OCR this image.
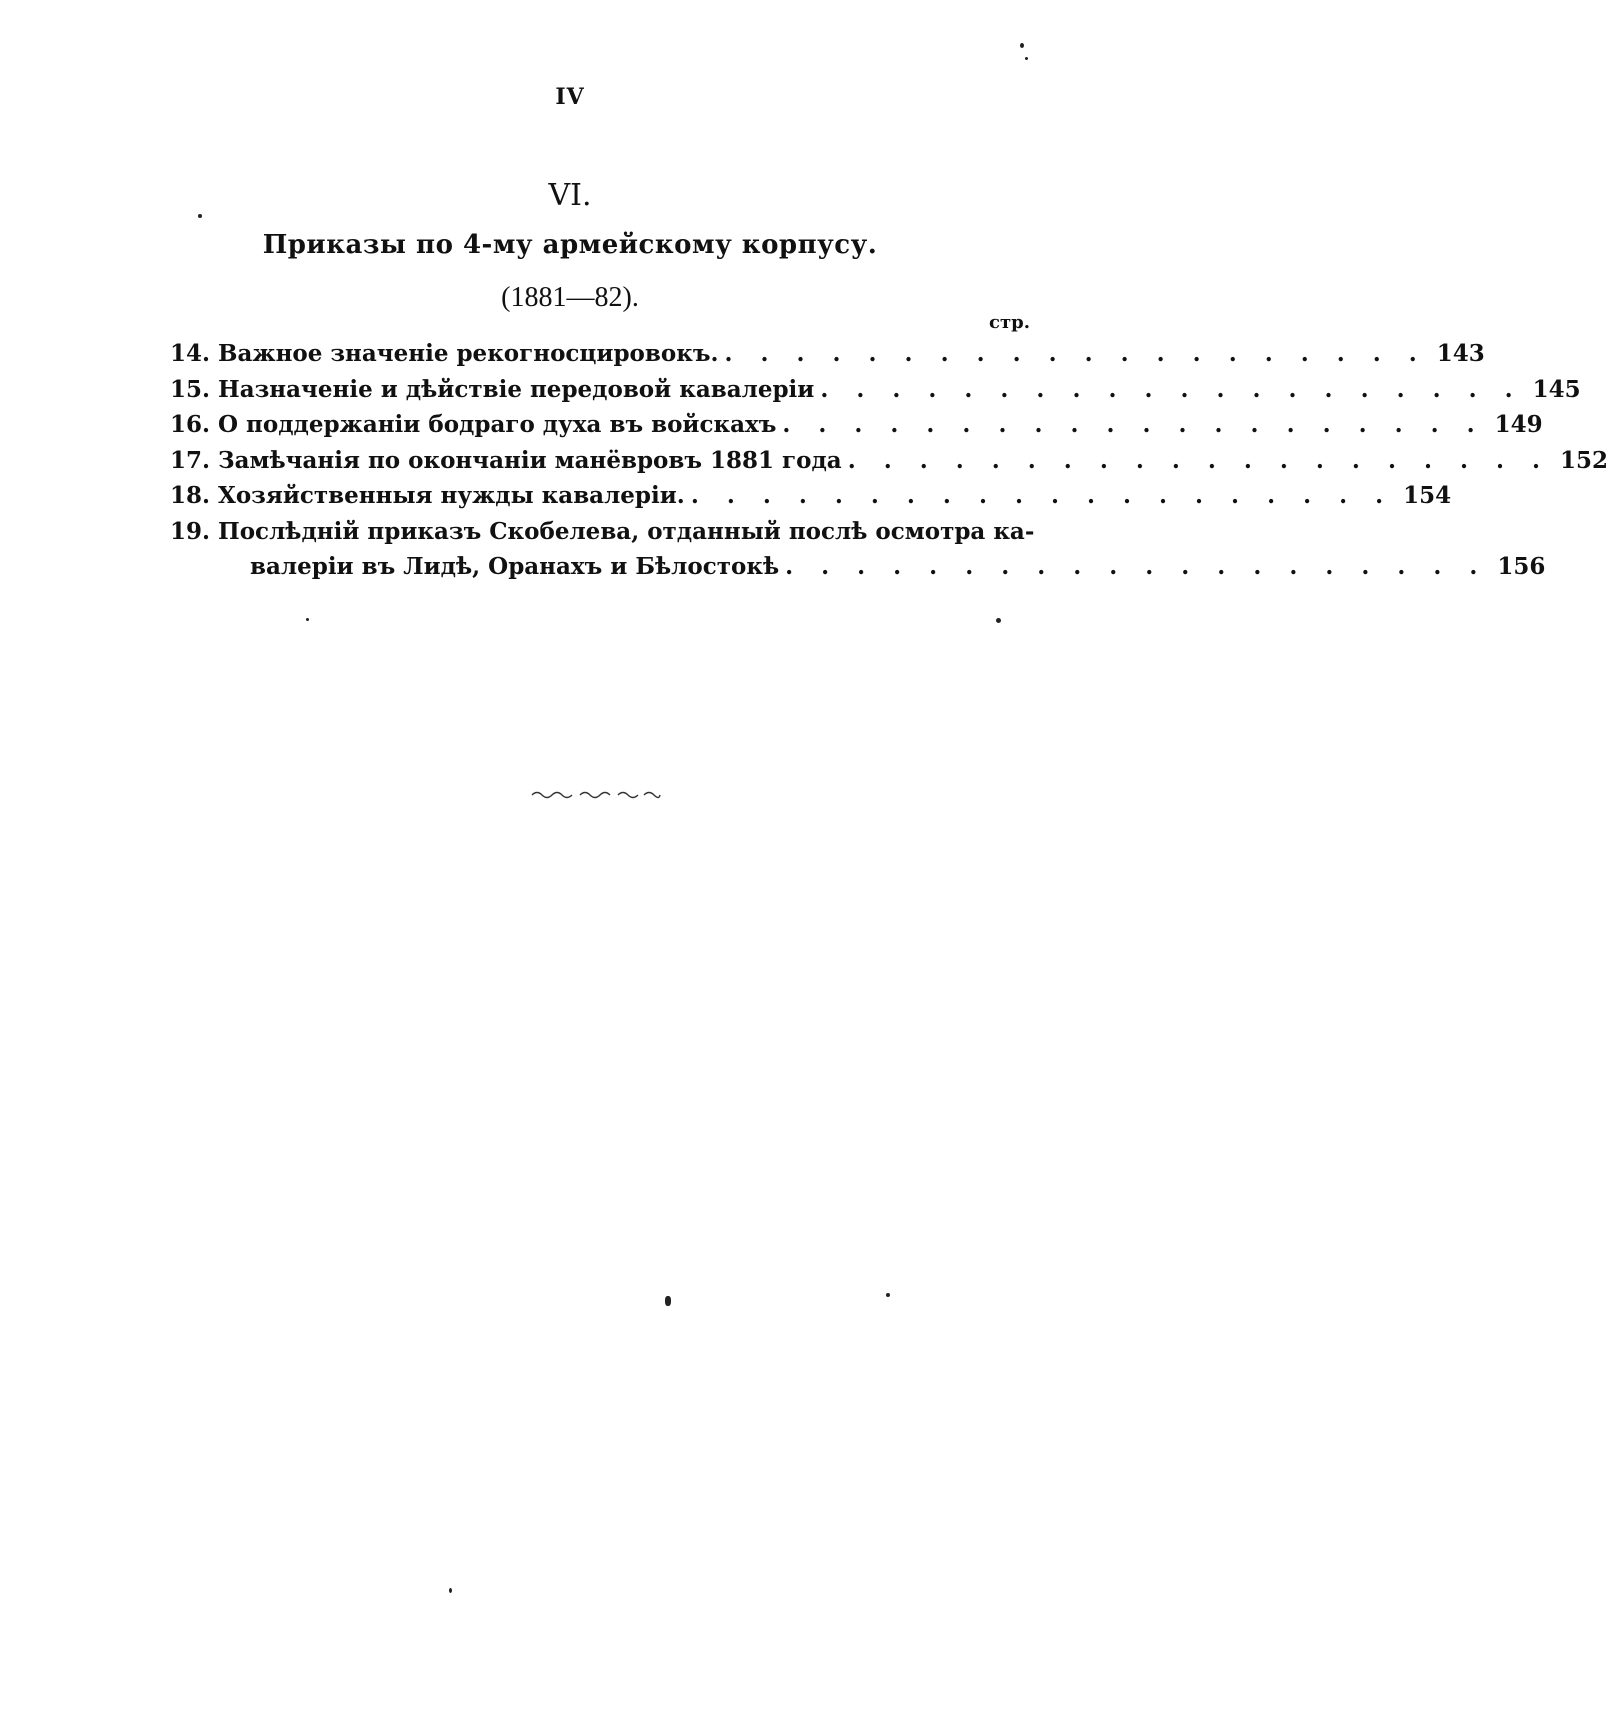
IV
VI.
Приказы по 4-му армейскому корпусу.
(1881—82).
стр.
14. Важное значенiе рекогносцировокъ. . . . . . . . . . . . . . . . . . . . . 143
15. Назначенiе и дѣйствiе передовой кавалерiи . . . . . . . . . . . . . . . . . . . . 145
16. О поддержанiи бодраго духа въ войскахъ . . . . . . . . . . . . . . . . . . . . 149
17. Замѣчанiя по окончанiи манёвровъ 1881 года . . . . . . . . . . . . . . . . . . . . 152
18. Хозяйственныя нужды кавалерiи. . . . . . . . . . . . . . . . . . . . . 154
19. Послѣднiй приказъ Скобелева, отданный послѣ осмотра ка-
валерiи въ Лидѣ, Оранахъ и Бѣлостокѣ . . . . . . . . . . . . . . . . . . . . 156
